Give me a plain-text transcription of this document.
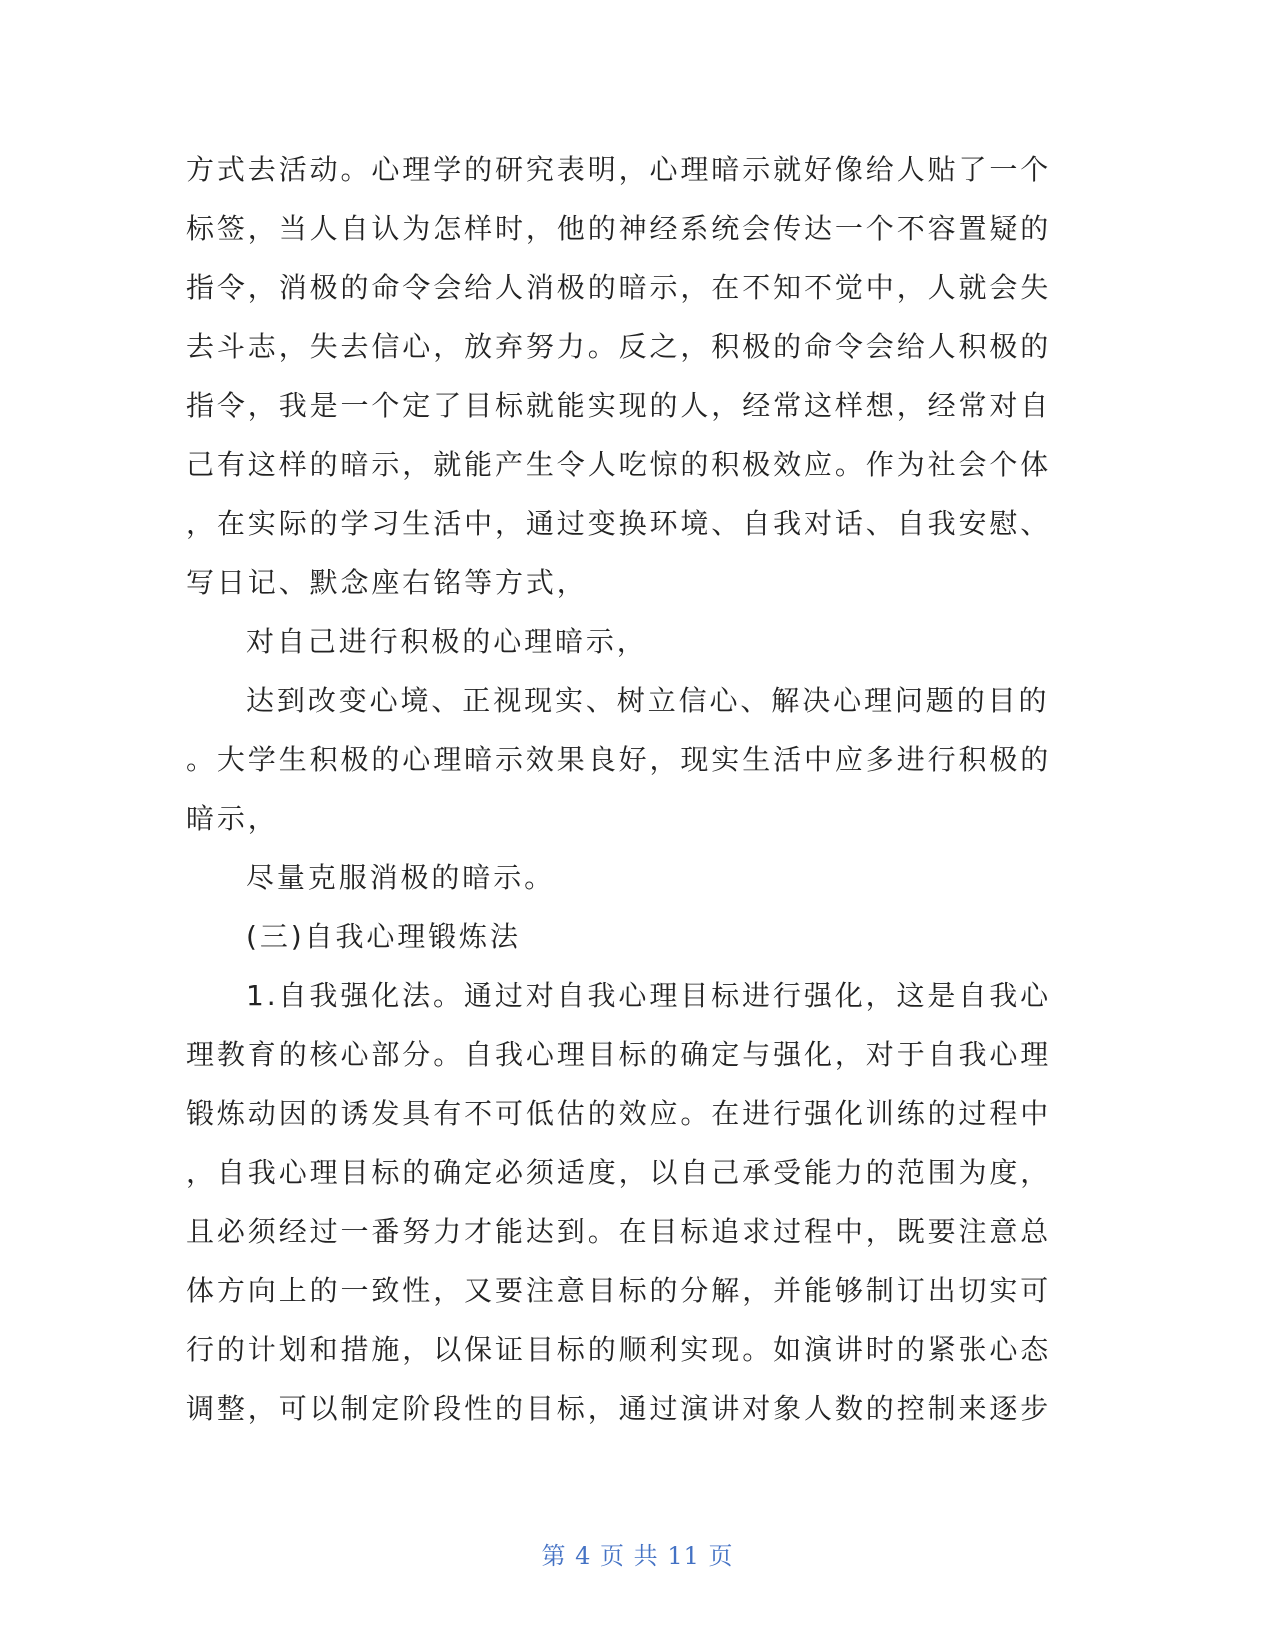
方式去活动。心理学的研究表明，心理暗示就好像给人贴了一个
标签，当人自认为怎样时，他的神经系统会传达一个不容置疑的
指令，消极的命令会给人消极的暗示，在不知不觉中，人就会失
去斗志，失去信心，放弃努力。反之，积极的命令会给人积极的
指令，我是一个定了目标就能实现的人，经常这样想，经常对自
己有这样的暗示，就能产生令人吃惊的积极效应。作为社会个体
，在实际的学习生活中，通过变换环境、自我对话、自我安慰、
写日记、默念座右铭等方式，
对自己进行积极的心理暗示，
达到改变心境、正视现实、树立信心、解决心理问题的目的
。大学生积极的心理暗示效果良好，现实生活中应多进行积极的
暗示，
尽量克服消极的暗示。
(三)自我心理锻炼法
1.自我强化法。通过对自我心理目标进行强化，这是自我心
理教育的核心部分。自我心理目标的确定与强化，对于自我心理
锻炼动因的诱发具有不可低估的效应。在进行强化训练的过程中
，自我心理目标的确定必须适度，以自己承受能力的范围为度，
且必须经过一番努力才能达到。在目标追求过程中，既要注意总
体方向上的一致性，又要注意目标的分解，并能够制订出切实可
行的计划和措施，以保证目标的顺利实现。如演讲时的紧张心态
调整，可以制定阶段性的目标，通过演讲对象人数的控制来逐步
第 4 页 共 11 页
